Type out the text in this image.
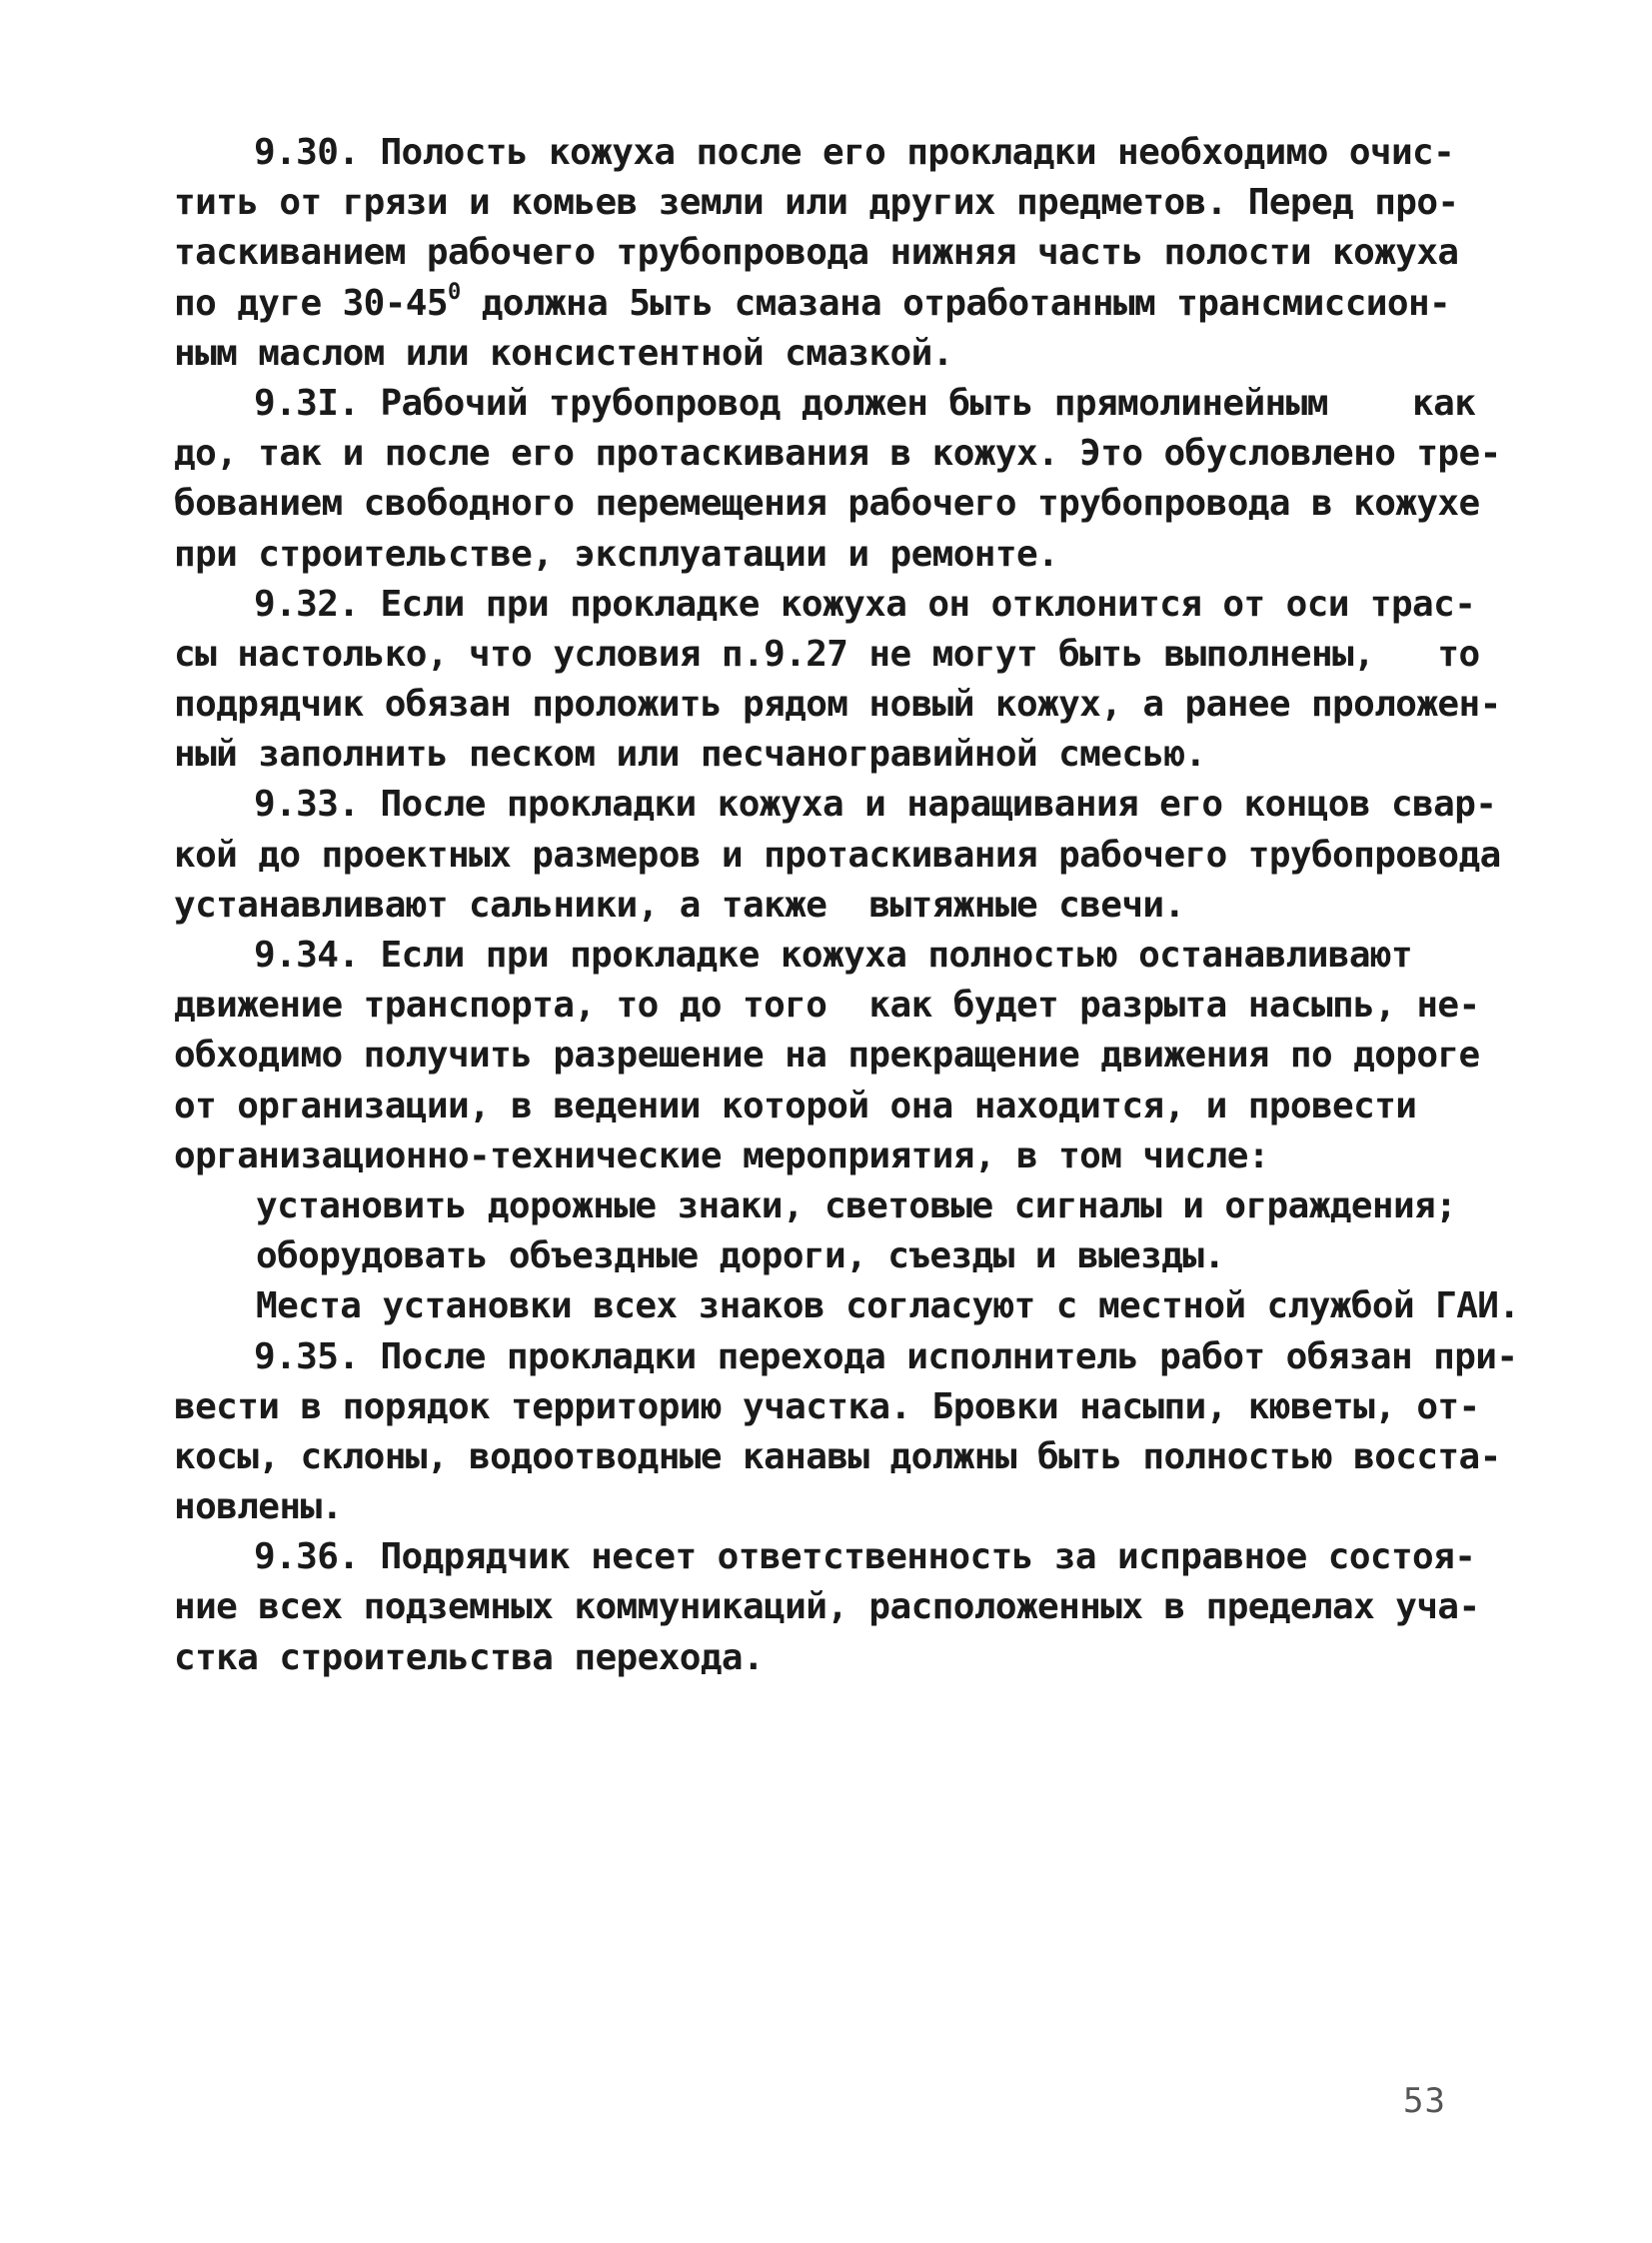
9.30. Полость кожуха после его прокладки необходимо очис-
тить от грязи и комьев земли или других предметов. Перед про-
таскиванием рабочего трубопровода нижняя часть полости кожуха
по дуге $30-45^0$ должна 5ыть смазана отработанным трансмиссион-
ным маслом или консистентной смазкой.
9.3I. Рабочий трубопровод должен быть прямолинейным    как
до, так и после его протаскивания в кожух. Это обусловлено тре-
бованием свободного перемещения рабочего трубопровода в кожухе
при строительстве, эксплуатации и ремонте.
9.32. Если при прокладке кожуха он отклонится от оси трас-
сы настолько, что условия п.9.27 не могут быть выполнены,   то
подрядчик обязан проложить рядом новый кожух, а ранее проложен-
ный заполнить песком или песчаногравийной смесью.
9.33. После прокладки кожуха и наращивания его концов свар-
кой до проектных размеров и протаскивания рабочего трубопровода
устанавливают сальники, а также  вытяжные свечи.
9.34. Если при прокладке кожуха полностью останавливают
движение транспорта, то до того  как будет разрыта насыпь, не-
обходимо получить разрешение на прекращение движения по дороге
от организации, в ведении которой она находится, и провести
организационно-технические мероприятия, в том числе:
установить дорожные знаки, световые сигналы и ограждения;
оборудовать объездные дороги, съезды и выезды.
Места установки всех знаков согласуют с местной службой ГАИ.
9.35. После прокладки перехода исполнитель работ обязан при-
вести в порядок территорию участка. Бровки насыпи, кюветы, от-
косы, склоны, водоотводные канавы должны быть полностью восста-
новлены.
9.36. Подрядчик несет ответственность за исправное состоя-
ние всех подземных коммуникаций, расположенных в пределах уча-
стка строительства перехода.
53
